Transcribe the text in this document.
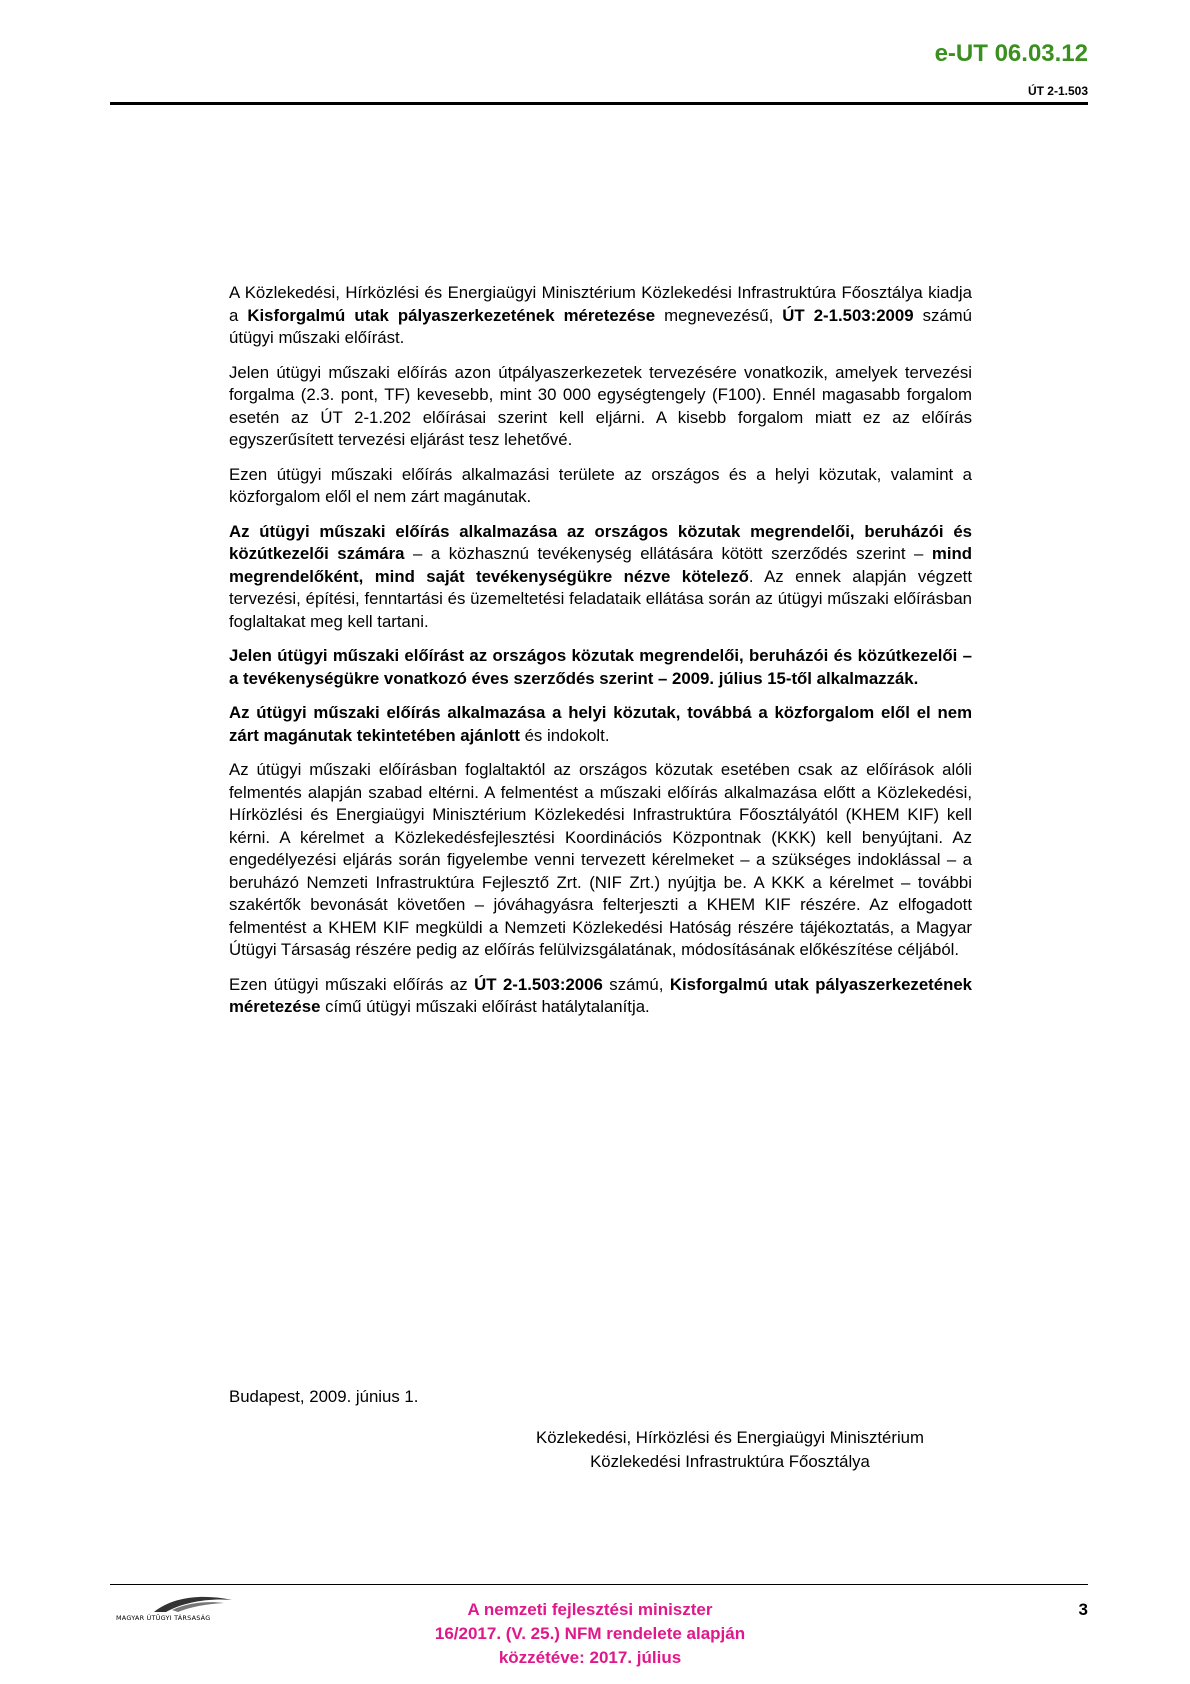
e-UT 06.03.12
ÚT 2-1.503

A Közlekedési, Hírközlési és Energiaügyi Minisztérium Közlekedési Infrastruktúra Főosztálya kiadja a Kisforgalmú utak pályaszerkezetének méretezése megnevezésű, ÚT 2-1.503:2009 számú útügyi műszaki előírást.

Jelen útügyi műszaki előírás azon útpályaszerkezetek tervezésére vonatkozik, amelyek tervezési forgalma (2.3. pont, TF) kevesebb, mint 30 000 egységtengely (F100). Ennél magasabb forgalom esetén az ÚT 2-1.202 előírásai szerint kell eljárni. A kisebb forgalom miatt ez az előírás egyszerűsített tervezési eljárást tesz lehetővé.

Ezen útügyi műszaki előírás alkalmazási területe az országos és a helyi közutak, valamint a közforgalom elől el nem zárt magánutak.

Az útügyi műszaki előírás alkalmazása az országos közutak megrendelői, beruházói és közútkezelői számára – a közhasznú tevékenység ellátására kötött szerződés szerint – mind megrendelőként, mind saját tevékenységükre nézve kötelező. Az ennek alapján végzett tervezési, építési, fenntartási és üzemeltetési feladataik ellátása során az útügyi műszaki előírásban foglaltakat meg kell tartani.

Jelen útügyi műszaki előírást az országos közutak megrendelői, beruházói és közútkezelői – a tevékenységükre vonatkozó éves szerződés szerint – 2009. július 15-től alkalmazzák.

Az útügyi műszaki előírás alkalmazása a helyi közutak, továbbá a közforgalom elől el nem zárt magánutak tekintetében ajánlott és indokolt.

Az útügyi műszaki előírásban foglaltaktól az országos közutak esetében csak az előírások alóli felmentés alapján szabad eltérni. A felmentést a műszaki előírás alkalmazása előtt a Közlekedési, Hírközlési és Energiaügyi Minisztérium Közlekedési Infrastruktúra Főosztályától (KHEM KIF) kell kérni. A kérelmet a Közlekedésfejlesztési Koordinációs Központnak (KKK) kell benyújtani. Az engedélyezési eljárás során figyelembe venni tervezett kérelmeket – a szükséges indoklással – a beruházó Nemzeti Infrastruktúra Fejlesztő Zrt. (NIF Zrt.) nyújtja be. A KKK a kérelmet – további szakértők bevonását követően – jóváhagyásra felterjeszti a KHEM KIF részére. Az elfogadott felmentést a KHEM KIF megküldi a Nemzeti Közlekedési Hatóság részére tájékoztatás, a Magyar Útügyi Társaság részére pedig az előírás felülvizsgálatának, módosításának előkészítése céljából.

Ezen útügyi műszaki előírás az ÚT 2-1.503:2006 számú, Kisforgalmú utak pályaszerkezetének méretezése című útügyi műszaki előírást hatálytalanítja.

Budapest, 2009. június 1.
Közlekedési, Hírközlési és Energiaügyi Minisztérium
Közlekedési Infrastruktúra Főosztálya
MAGYAR ÚTÜGYI TÁRSASÁG	A nemzeti fejlesztési miniszter
16/2017. (V. 25.) NFM rendelete alapján
közzétéve: 2017. július
3
